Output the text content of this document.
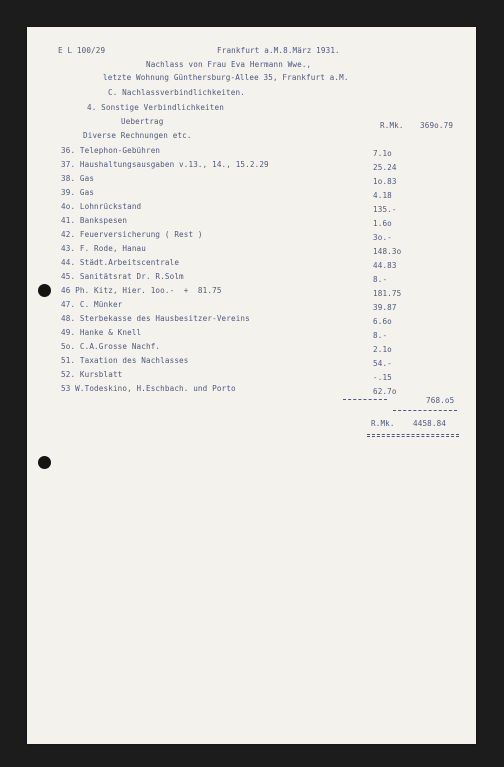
E L 100/29	Frankfurt a.M.8.März 1931.
Nachlass von Frau Eva Hermann Wwe.,
letzte Wohnung Günthersburg-Allee 35, Frankfurt a.M.
C. Nachlassverbindlichkeiten.
4. Sonstige Verbindlichkeiten
Uebertrag	R.Mk. 369o.79
Diverse Rechnungen etc.
36. Telephon-Gebühren	7.1o
37. Haushaltungsausgaben v.13., 14., 15.2.29	25.24
38. Gas	1o.83
39. Gas	4.18
4o. Lohnrückstand	135.-
41. Bankspesen	1.6o
42. Feuerversicherung ( Rest )	3o.-
43. F. Rode, Hanau	148.3o
44. Städt.Arbeitscentrale	44.83
45. Sanitätsrat Dr. R.Solm	8.-
46 Ph. Kitz, Hier. 1oo.-  +  81.75	181.75
47. C. Münker	39.87
48. Sterbekasse des Hausbesitzer-Vereins	6.6o
49. Hanke & Knell	8.-
5o. C.A.Grosse Nachf.	2.1o
51. Taxation des Nachlasses	54.-
52. Kursblatt	-.15
53 W.Todeskino, H.Eschbach. und Porto	62.7o
768.o5
R.Mk. 4458.84
